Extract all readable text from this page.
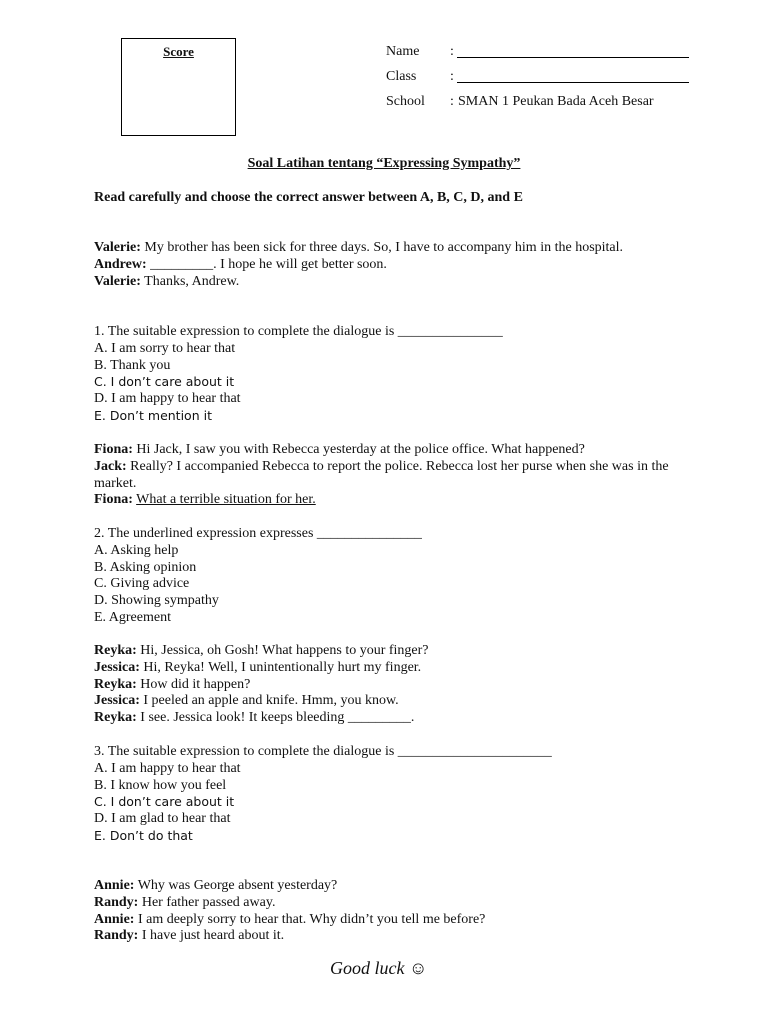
Score	Name :
Class :
School : SMAN 1 Peukan Bada Aceh Besar
Soal Latihan tentang “Expressing Sympathy”
Read carefully and choose the correct answer between A, B, C, D, and E

Valerie: My brother has been sick for three days. So, I have to accompany him in the hospital.

Andrew: _________. I hope he will get better soon.

Valerie: Thanks, Andrew.

1. The suitable expression to complete the dialogue is _______________

A. I am sorry to hear that

B. Thank you

C. I don’t care about it

D. I am happy to hear that

E. Don’t mention it

Fiona: Hi Jack, I saw you with Rebecca yesterday at the police office. What happened?

Jack: Really? I accompanied Rebecca to report the police. Rebecca lost her purse when she was in the market.

Fiona: What a terrible situation for her.

2. The underlined expression expresses _______________

A. Asking help

B. Asking opinion

C. Giving advice

D. Showing sympathy

E. Agreement

Reyka: Hi, Jessica, oh Gosh! What happens to your finger?

Jessica: Hi, Reyka! Well, I unintentionally hurt my finger.

Reyka: How did it happen?

Jessica: I peeled an apple and knife. Hmm, you know.

Reyka: I see. Jessica look! It keeps bleeding _________.

3. The suitable expression to complete the dialogue is ______________________

A. I am happy to hear that

B. I know how you feel

C. I don’t care about it

D. I am glad to hear that

E. Don’t do that

Annie: Why was George absent yesterday?

Randy: Her father passed away.

Annie: I am deeply sorry to hear that. Why didn’t you tell me before?

Randy: I have just heard about it.

Good luck ☺
